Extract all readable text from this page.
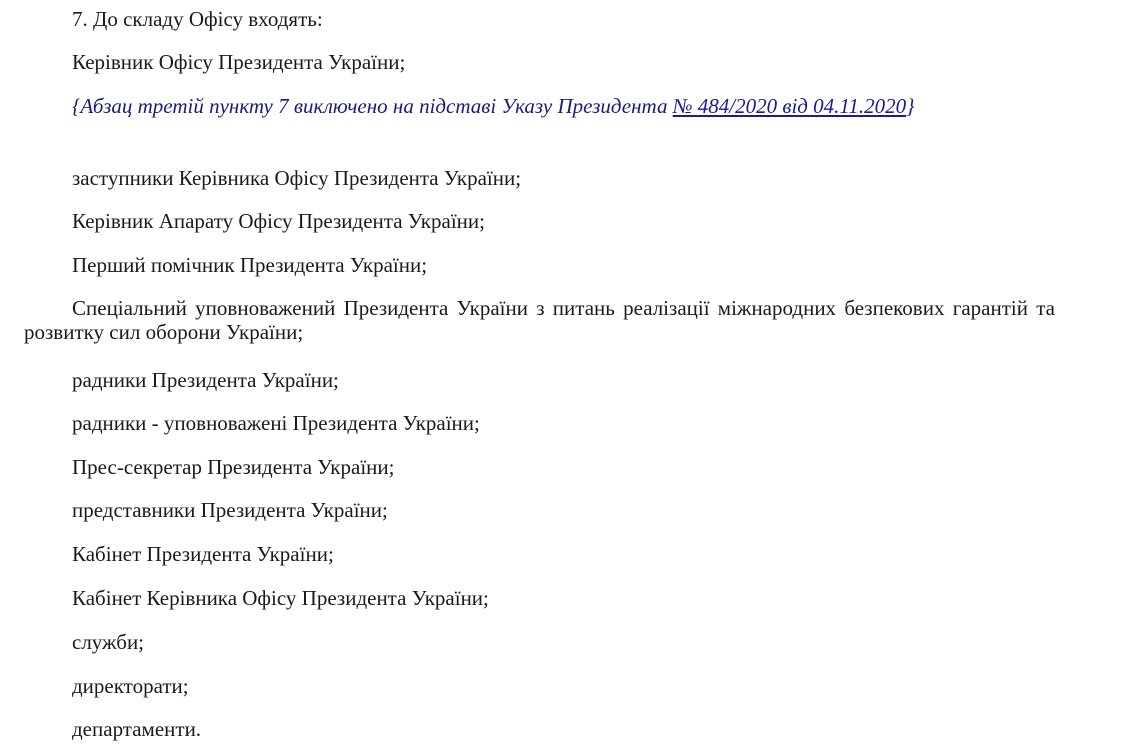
7. До складу Офісу входять:

Керівник Офісу Президента України;

{Абзац третій пункту 7 виключено на підставі Указу Президента № 484/2020 від 04.11.2020}

заступники Керівника Офісу Президента України;

Керівник Апарату Офісу Президента України;

Перший помічник Президента України;

Спеціальний уповноважений Президента України з питань реалізації міжнародних безпекових гарантій та розвитку сил оборони України;

радники Президента України;

радники - уповноважені Президента України;

Прес-секретар Президента України;

представники Президента України;

Кабінет Президента України;

Кабінет Керівника Офісу Президента України;

служби;

директорати;

департаменти.
